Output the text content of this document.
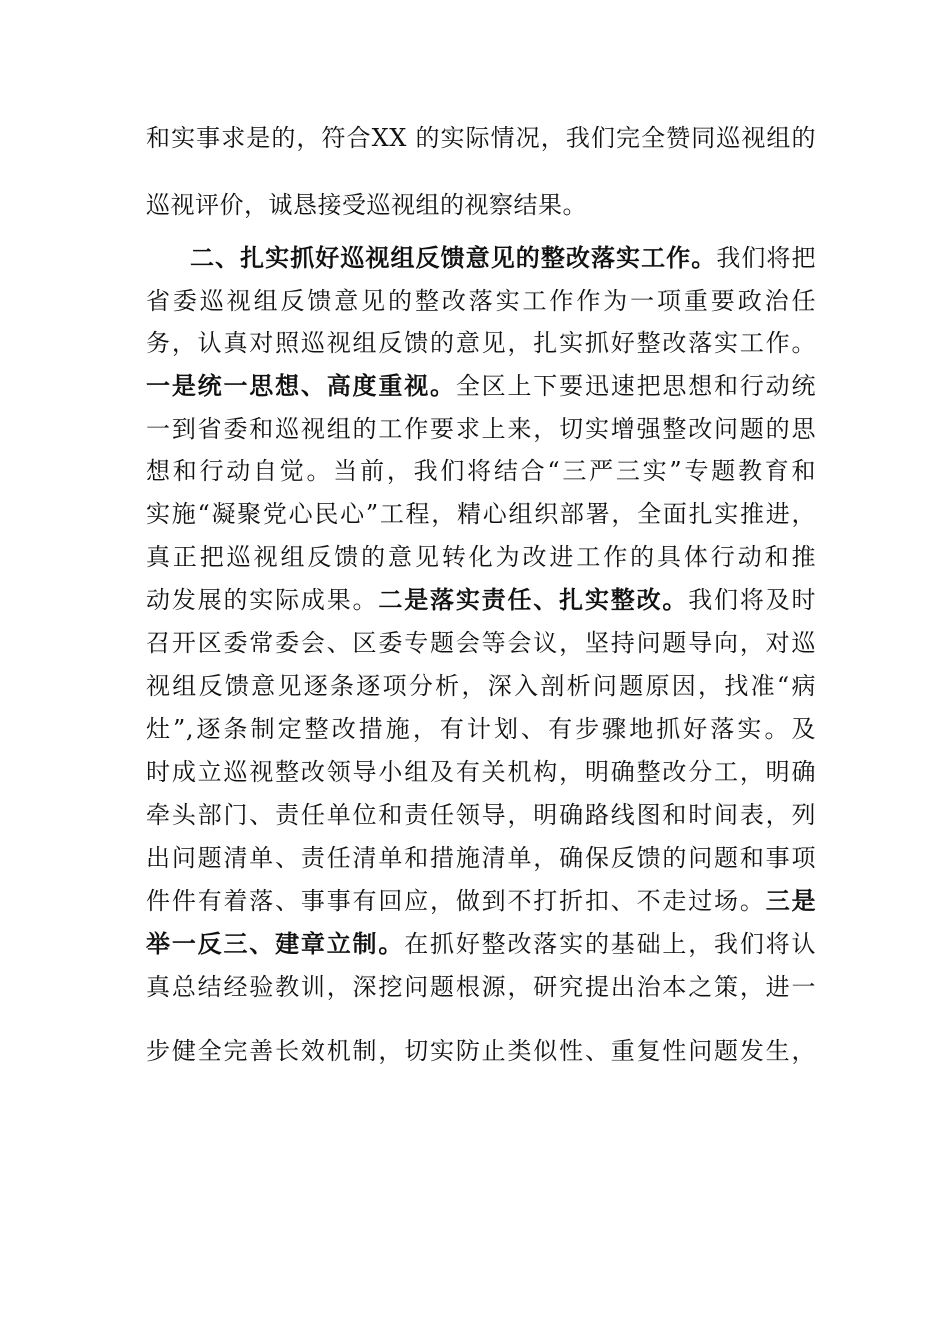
和实事求是的，符合XX 的实际情况，我们完全赞同巡视组的
巡视评价，诚恳接受巡视组的视察结果。
二、扎实抓好巡视组反馈意见的整改落实工作。我们将把
省委巡视组反馈意见的整改落实工作作为一项重要政治任
务，认真对照巡视组反馈的意见，扎实抓好整改落实工作。
一是统一思想、高度重视。全区上下要迅速把思想和行动统
一到省委和巡视组的工作要求上来，切实增强整改问题的思
想和行动自觉。当前，我们将结合“三严三实”专题教育和
实施“凝聚党心民心”工程，精心组织部署，全面扎实推进，
真正把巡视组反馈的意见转化为改进工作的具体行动和推
动发展的实际成果。二是落实责任、扎实整改。我们将及时
召开区委常委会、区委专题会等会议，坚持问题导向，对巡
视组反馈意见逐条逐项分析，深入剖析问题原因，找准“病
灶”,逐条制定整改措施，有计划、有步骤地抓好落实。及
时成立巡视整改领导小组及有关机构，明确整改分工，明确
牵头部门、责任单位和责任领导，明确路线图和时间表，列
出问题清单、责任清单和措施清单，确保反馈的问题和事项
件件有着落、事事有回应，做到不打折扣、不走过场。三是
举一反三、建章立制。在抓好整改落实的基础上，我们将认
真总结经验教训，深挖问题根源，研究提出治本之策，进一
步健全完善长效机制，切实防止类似性、重复性问题发生，
